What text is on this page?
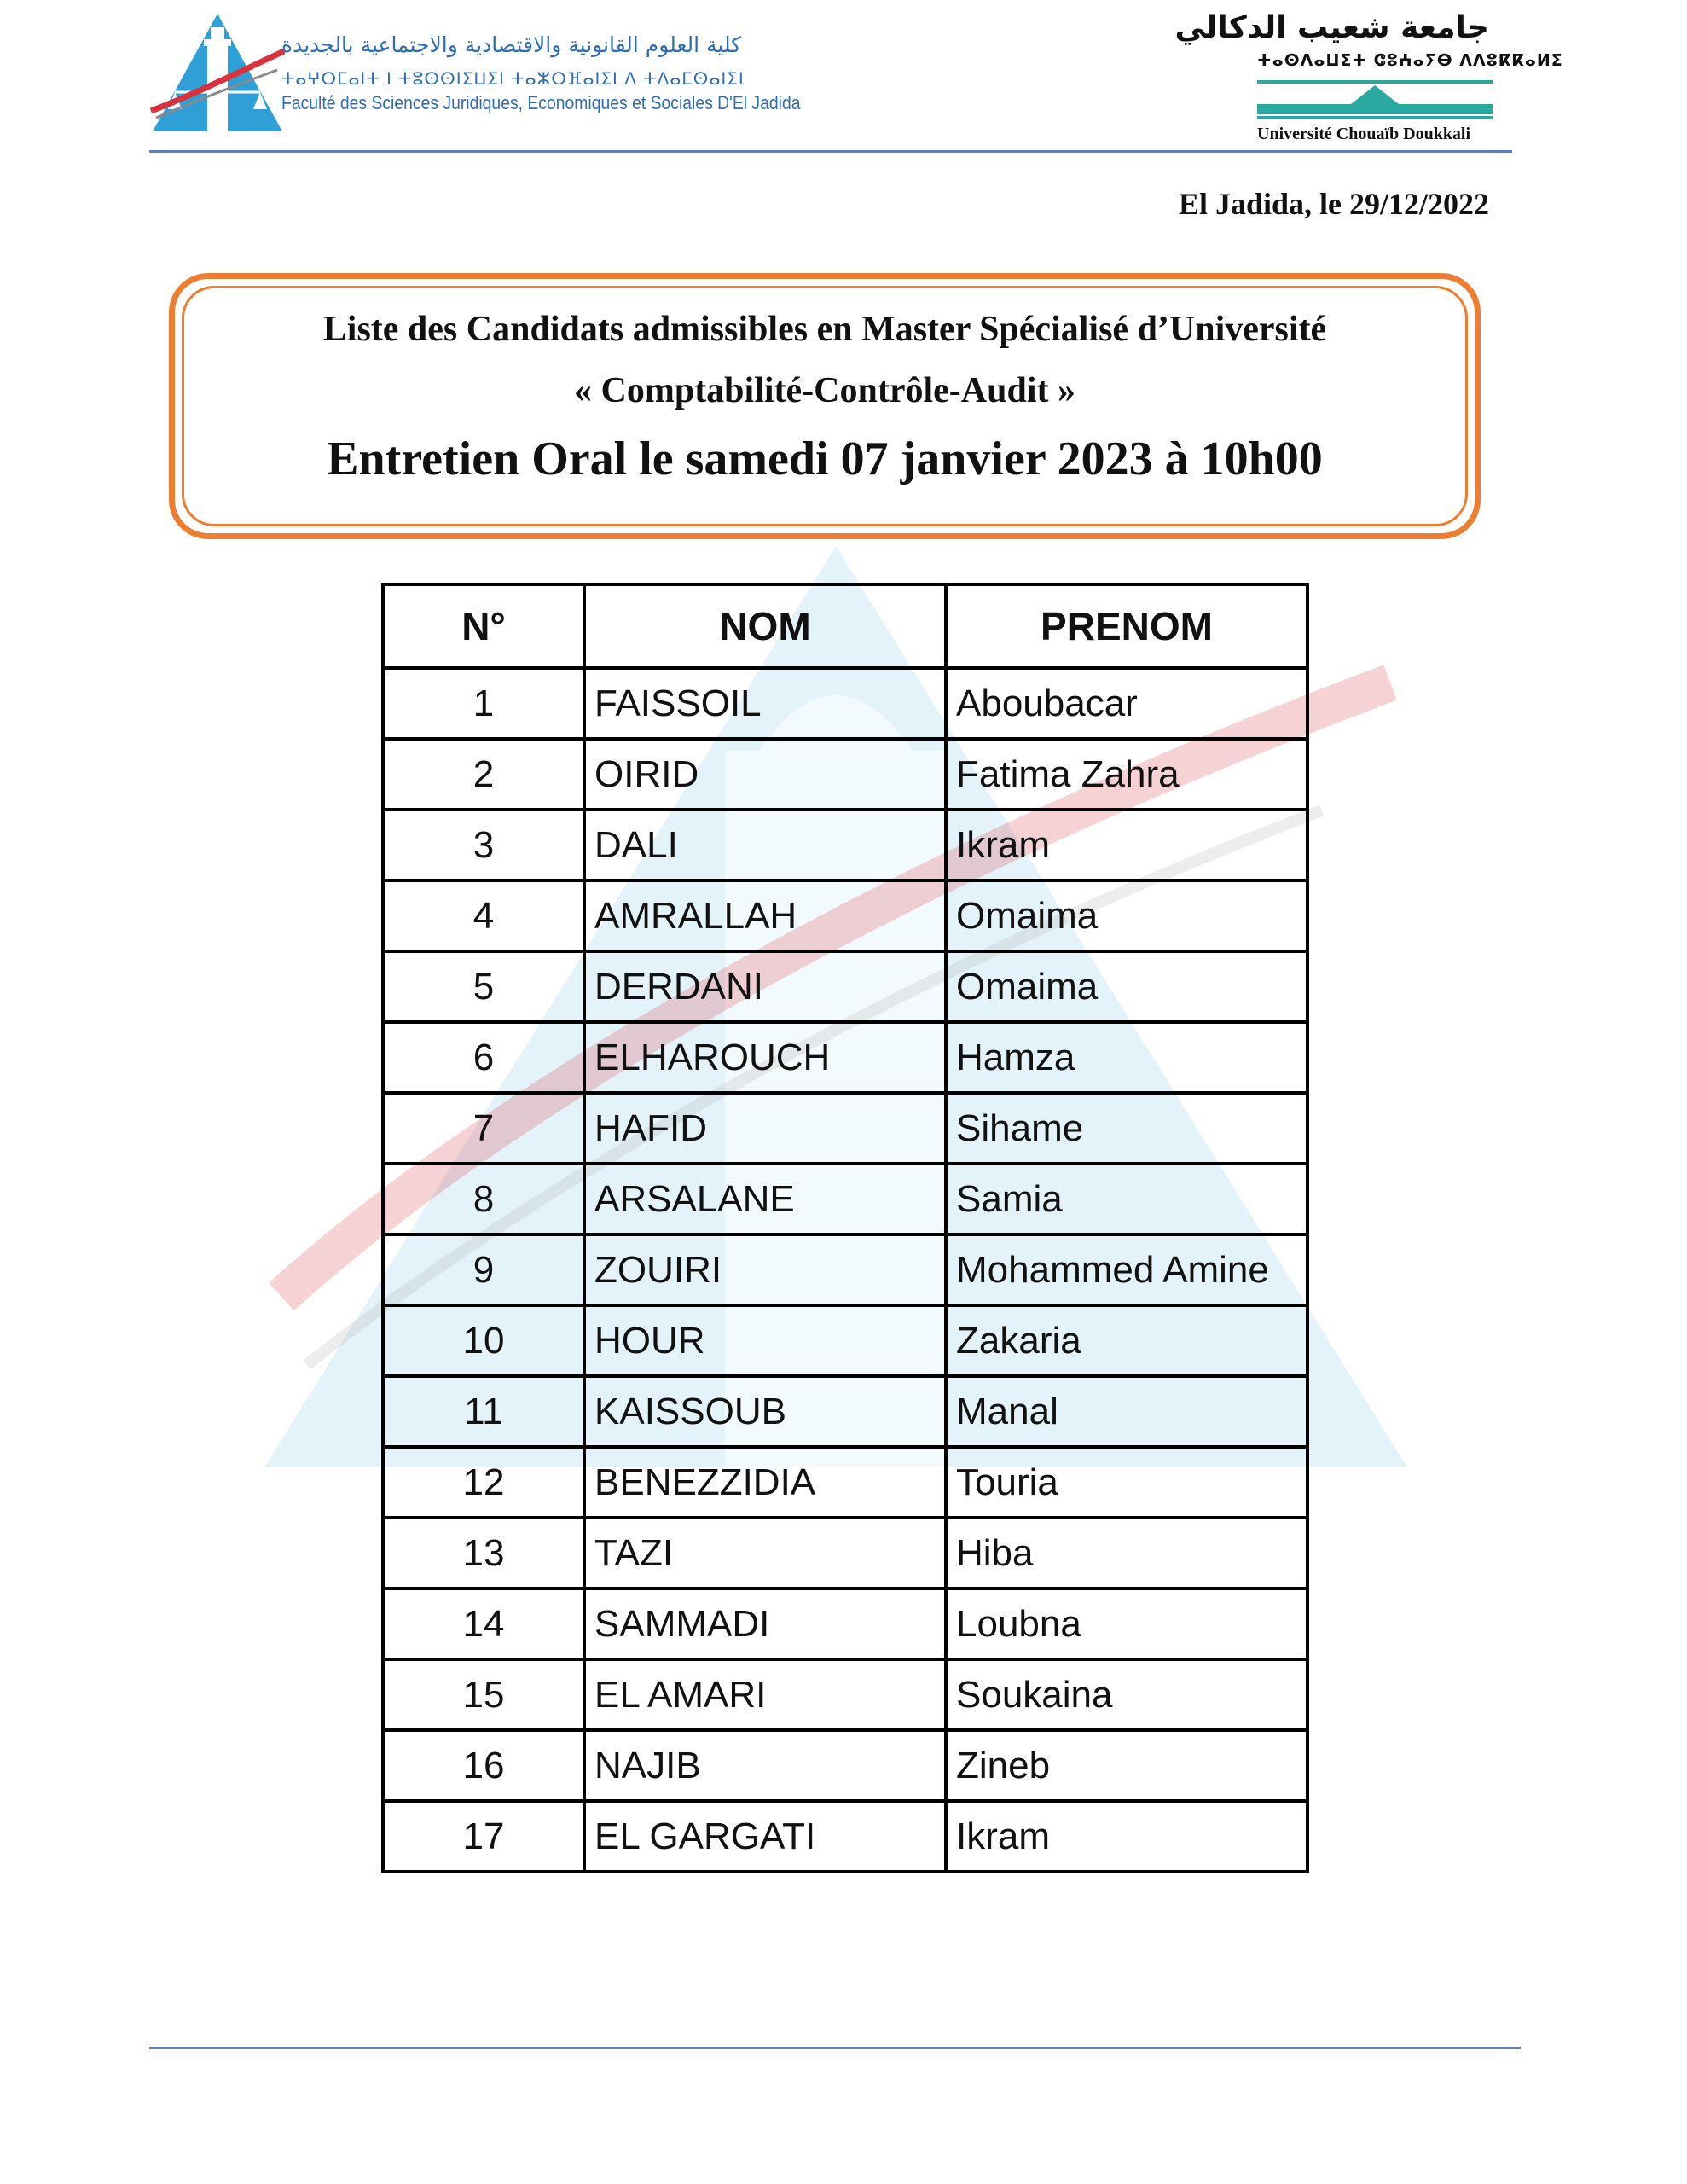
كلية العلوم القانونية والاقتصادية والاجتماعية بالجديدة
ⵜⴰⵖⵔⵎⴰⵏⵜ ⵏ ⵜⵓⵙⵙⵏⵉⵡⵉⵏ ⵜⴰⵣⵔⴼⴰⵏⵉⵏ ⴷ ⵜⴷⴰⵎⵙⴰⵏⵉⵏ
Faculté des Sciences Juridiques, Economiques et Sociales D'El Jadida
جامعة شعيب الدكالي
ⵜⴰⵙⴷⴰⵡⵉⵜ ⵛⵓⵄⴰⵢⴱ ⴷⴷⵓⴽⴽⴰⵍⵉ
Université Chouaïb Doukkali
El Jadida, le 29/12/2022
Liste des Candidats admissibles en Master Spécialisé d’Université
« Comptabilité-Contrôle-Audit »
Entretien Oral le samedi 07 janvier 2023 à 10h00
N°	NOM	PRENOM
1	FAISSOIL	Aboubacar
2	OIRID	Fatima Zahra
3	DALI	Ikram
4	AMRALLAH	Omaima
5	DERDANI	Omaima
6	ELHAROUCH	Hamza
7	HAFID	Sihame
8	ARSALANE	Samia
9	ZOUIRI	Mohammed Amine
10	HOUR	Zakaria
11	KAISSOUB	Manal
12	BENEZZIDIA	Touria
13	TAZI	Hiba
14	SAMMADI	Loubna
15	EL AMARI	Soukaina
16	NAJIB	Zineb
17	EL GARGATI	Ikram
